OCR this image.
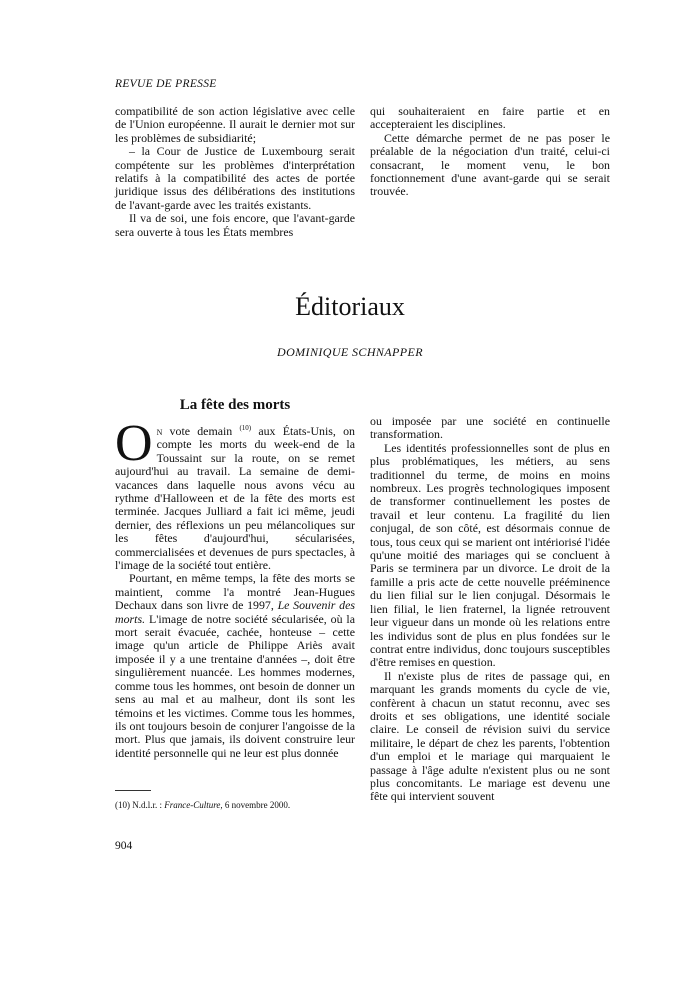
REVUE DE PRESSE

compatibilité de son action législative avec celle de l'Union européenne. Il aurait le dernier mot sur les problèmes de subsidiarité;

– la Cour de Justice de Luxembourg serait compétente sur les problèmes d'interprétation relatifs à la compatibilité des actes de portée juridique issus des délibérations des institutions de l'avant-garde avec les traités existants.

Il va de soi, une fois encore, que l'avant-garde sera ouverte à tous les États membres

qui souhaiteraient en faire partie et en accepteraient les disciplines.

Cette démarche permet de ne pas poser le préalable de la négociation d'un traité, celui-ci consacrant, le moment venu, le bon fonctionnement d'une avant-garde qui se serait trouvée.

Éditoriaux
DOMINIQUE SCHNAPPER
La fête des morts

On vote demain $^{(10)}$ aux États-Unis, on compte les morts du week-end de la Toussaint sur la route, on se remet aujourd'hui au travail. La semaine de demi-vacances dans laquelle nous avons vécu au rythme d'Halloween et de la fête des morts est terminée. Jacques Julliard a fait ici même, jeudi dernier, des réflexions un peu mélancoliques sur les fêtes d'aujourd'hui, sécularisées, commercialisées et devenues de purs spectacles, à l'image de la société tout entière.

Pourtant, en même temps, la fête des morts se maintient, comme l'a montré Jean-Hugues Dechaux dans son livre de 1997, Le Souvenir des morts. L'image de notre société sécularisée, où la mort serait évacuée, cachée, honteuse – cette image qu'un article de Philippe Ariès avait imposée il y a une trentaine d'années –, doit être singulièrement nuancée. Les hommes modernes, comme tous les hommes, ont besoin de donner un sens au mal et au malheur, dont ils sont les témoins et les victimes. Comme tous les hommes, ils ont toujours besoin de conjurer l'angoisse de la mort. Plus que jamais, ils doivent construire leur identité personnelle qui ne leur est plus donnée

ou imposée par une société en continuelle transformation.

Les identités professionnelles sont de plus en plus problématiques, les métiers, au sens traditionnel du terme, de moins en moins nombreux. Les progrès technologiques imposent de transformer continuellement les postes de travail et leur contenu. La fragilité du lien conjugal, de son côté, est désormais connue de tous, tous ceux qui se marient ont intériorisé l'idée qu'une moitié des mariages qui se concluent à Paris se terminera par un divorce. Le droit de la famille a pris acte de cette nouvelle prééminence du lien filial sur le lien conjugal. Désormais le lien filial, le lien fraternel, la lignée retrouvent leur vigueur dans un monde où les relations entre les individus sont de plus en plus fondées sur le contrat entre individus, donc toujours susceptibles d'être remises en question.

Il n'existe plus de rites de passage qui, en marquant les grands moments du cycle de vie, confèrent à chacun un statut reconnu, avec ses droits et ses obligations, une identité sociale claire. Le conseil de révision suivi du service militaire, le départ de chez les parents, l'obtention d'un emploi et le mariage qui marquaient le passage à l'âge adulte n'existent plus ou ne sont plus concomitants. Le mariage est devenu une fête qui intervient souvent

(10) N.d.l.r. : France-Culture, 6 novembre 2000.
904
